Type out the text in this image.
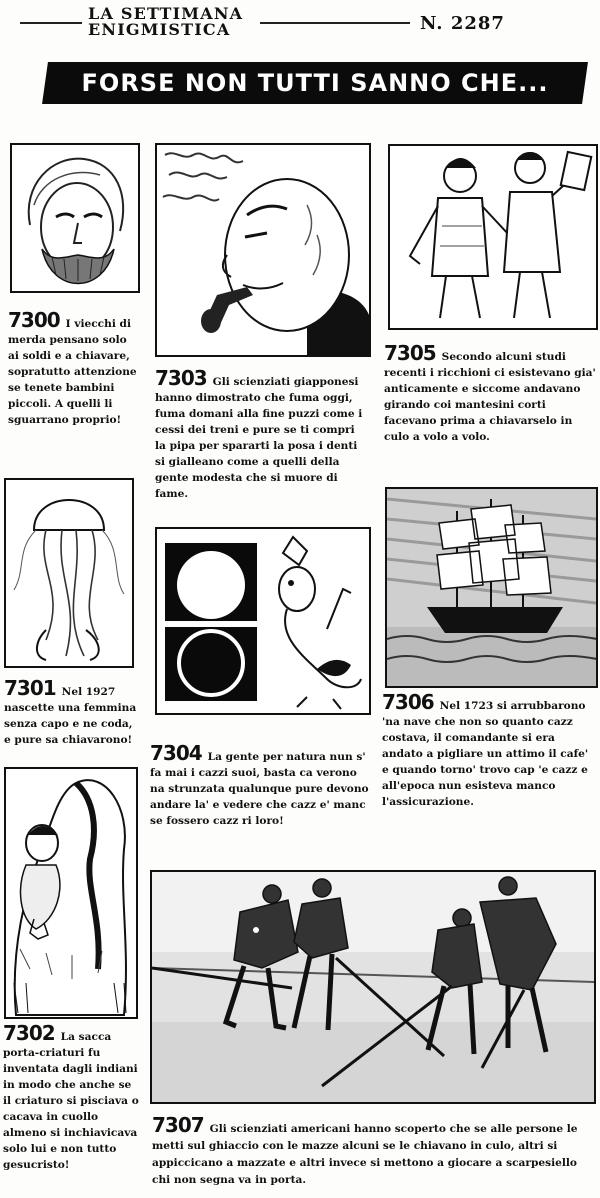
LA SETTIMANA
ENIGMISTICA	N. 2287
FORSE NON TUTTI SANNO CHE...
7300 I viecchi di merda pensano solo ai soldi e a chiavare, sopratutto attenzione se tenete bambini piccoli. A quelli li sguarrano proprio!
7303 Gli scienziati giapponesi hanno dimostrato che fuma oggi, fuma domani alla fine puzzi come i cessi dei treni e pure se ti compri la pipa per spararti la posa i denti si gialleano come a quelli della gente modesta che si muore di fame.
7305 Secondo alcuni studi recenti i ricchioni ci esistevano gia' anticamente e siccome andavano girando coi mantesini corti facevano prima a chiavarselo in culo a volo a volo.
7301 Nel 1927 nascette una femmina senza capo e ne coda, e pure sa chiavarono!
7304 La gente per natura nun s' fa mai i cazzi suoi, basta ca verono na strunzata qualunque pure devono andare la' e vedere che cazz e' manc se fossero cazz ri loro!
7306 Nel 1723 si arrubbarono 'na nave che non so quanto cazz costava, il comandante si era andato a pigliare un attimo il cafe' e quando torno' trovo cap 'e cazz e all'epoca nun esisteva manco l'assicurazione.
7302 La sacca porta-criaturi fu inventata dagli indiani in modo che anche se il criaturo si pisciava o cacava in cuollo almeno si inchiavicava solo lui e non tutto gesucristo!
7307 Gli scienziati americani hanno scoperto che se alle persone le metti sul ghiaccio con le mazze alcuni se le chiavano in culo, altri si appiccicano a mazzate e altri invece si mettono a giocare a scarpesiello chi non segna va in porta.
